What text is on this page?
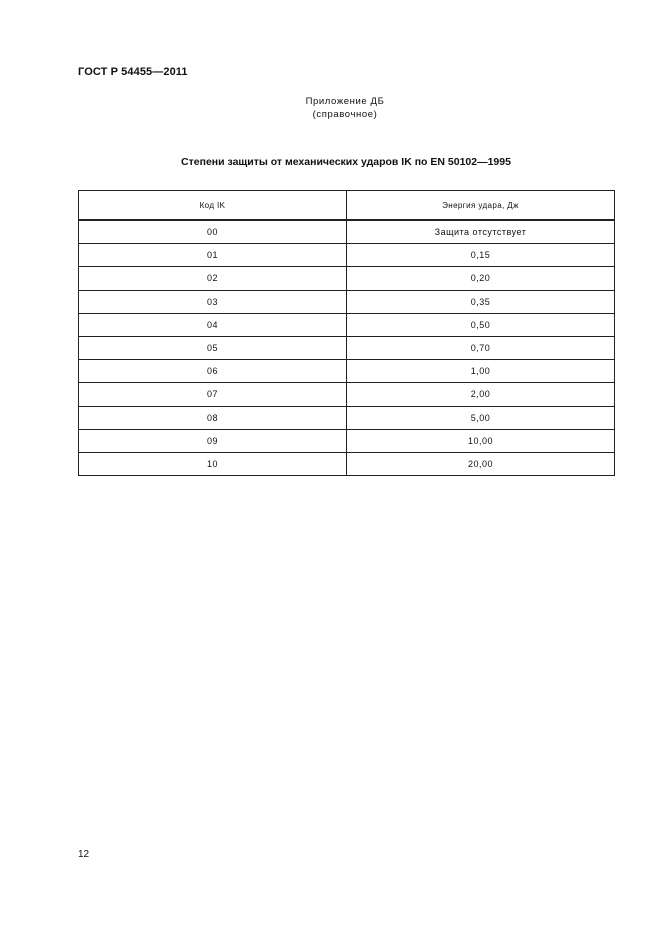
ГОСТ Р 54455—2011
Приложение ДБ
(справочное)
Степени защиты от механических ударов IK по EN 50102—1995
Код IK	Энергия удара, Дж
00	Защита отсутствует
01	0,15
02	0,20
03	0,35
04	0,50
05	0,70
06	1,00
07	2,00
08	5,00
09	10,00
10	20,00
12
